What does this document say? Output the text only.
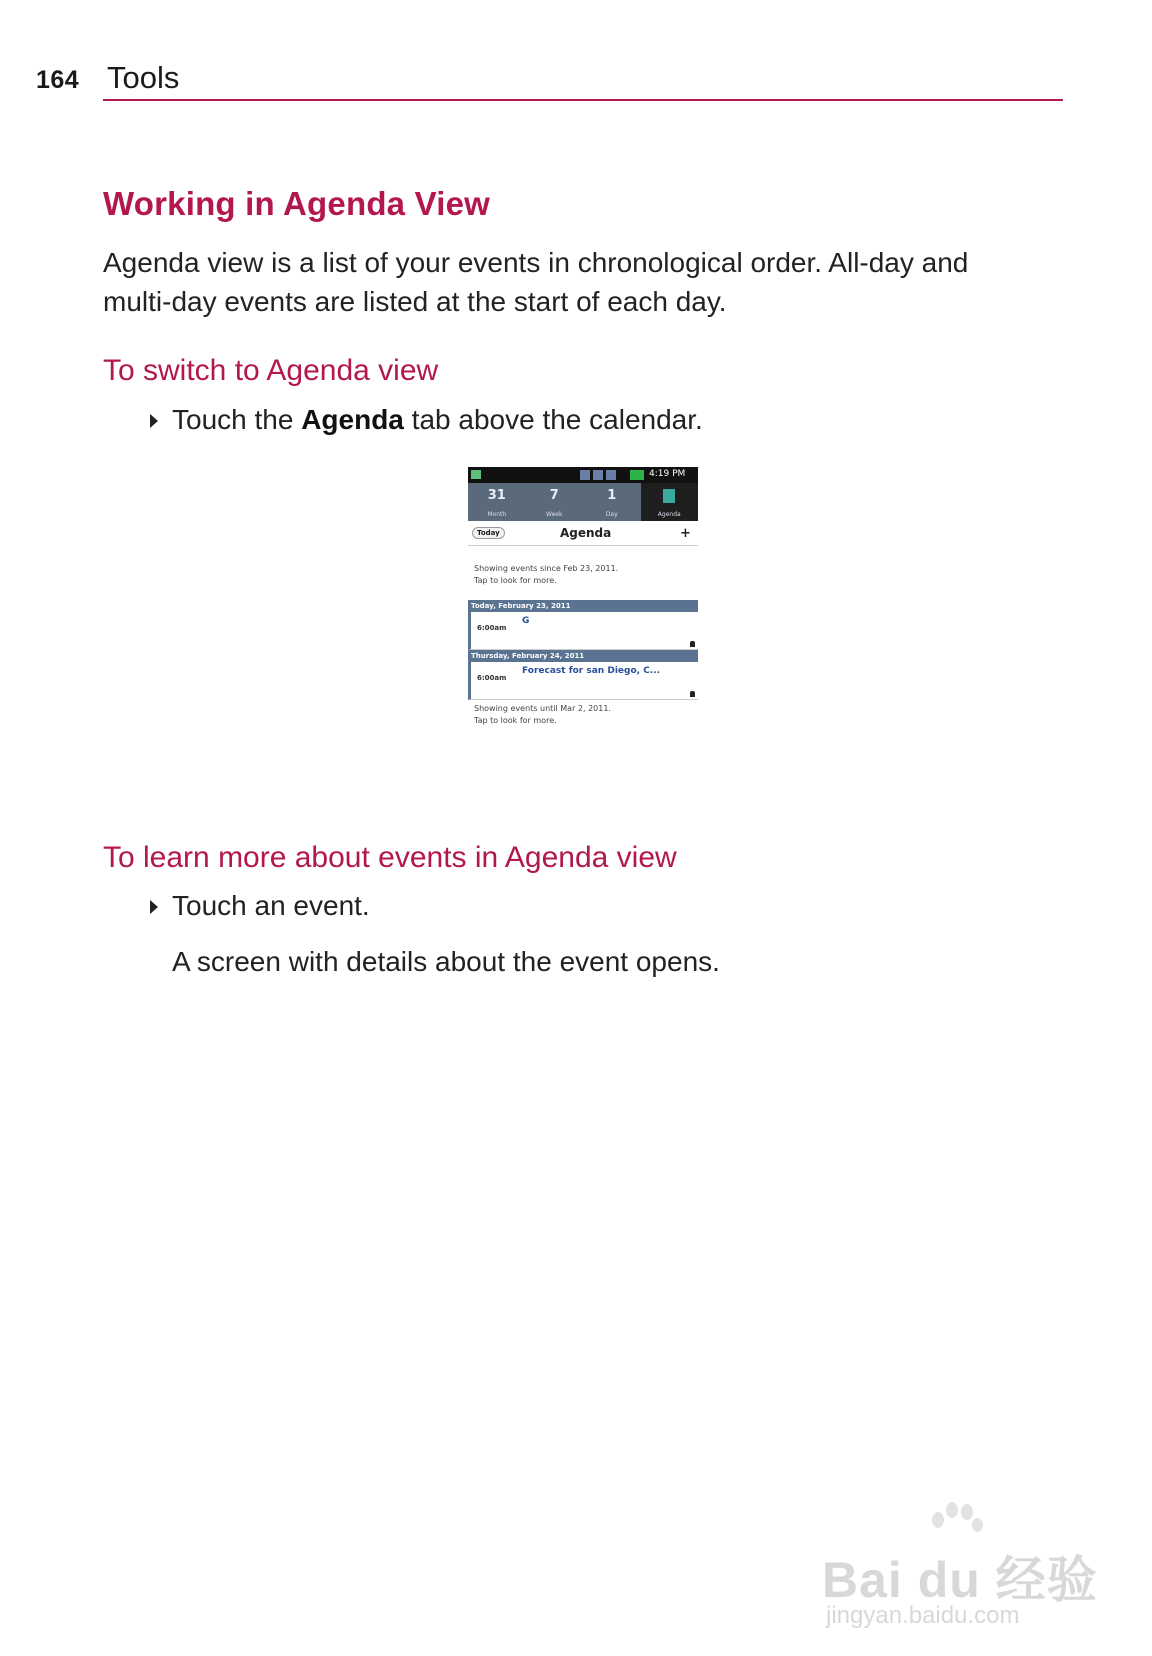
164 Tools
Working in Agenda View
Agenda view is a list of your events in chronological order. All-day and multi-day events are listed at the start of each day.
To switch to Agenda view
Touch the Agenda tab above the calendar.
4:19 PM
31
Month
7
Week
1
Day	Agenda
Today	Agenda	+
Showing events since Feb 23, 2011.
Tap to look for more.
Today, February 23, 2011
6:00am
G
Thursday, February 24, 2011
6:00am
Forecast for san Diego, C...
Showing events until Mar 2, 2011.
Tap to look for more.
To learn more about events in Agenda view
Touch an event.
A screen with details about the event opens.
Bai du 经验
jingyan.baidu.com
